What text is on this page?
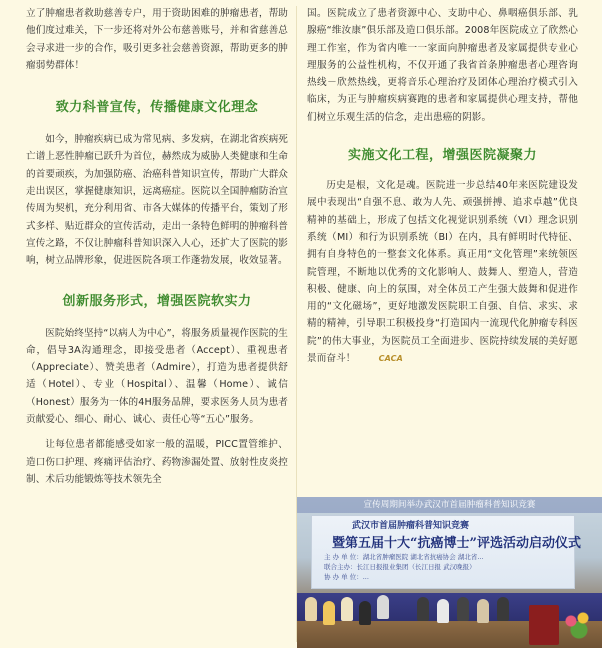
立了肿瘤患者救助慈善专户，用于资助困难的肿瘤患者，帮助他们度过难关，下一步还将对外公布慈善账号，并和省慈善总会寻求进一步的合作，吸引更多社会慈善资源，帮助更多的肿瘤弱势群体！

致力科普宣传，传播健康文化理念

如今，肿瘤疾病已成为常见病、多发病，在湖北省疾病死亡谱上恶性肿瘤已跃升为首位，赫然成为威胁人类健康和生命的首要顽疾，为加强防癌、治癌科普知识宣传，帮助广大群众走出误区，掌握健康知识，远离癌症。医院以全国肿瘤防治宣传周为契机，充分利用省、市各大媒体的传播平台，策划了形式多样、贴近群众的宣传活动，走出一条特色鲜明的肿瘤科普宣传之路，不仅让肿瘤科普知识深入人心，还扩大了医院的影响，树立品牌形象，促进医院各项工作蓬勃发展，收效显著。

创新服务形式，增强医院软实力

医院始终坚持“以病人为中心”，将服务质量视作医院的生命，倡导3A沟通理念，即接受患者（Accept）、重视患者（Appreciate）、赞美患者（Admire），打造为患者提供舒适（Hotel）、专业（Hospital）、温馨（Home）、诚信（Honest）服务为一体的4H服务品牌，要求医务人员为患者贡献爱心、细心、耐心、诚心、责任心等“五心”服务。

让每位患者都能感受如家一般的温暖，PICC置管维护、造口伤口护理、疼痛评估治疗、药物渗漏处置、放射性皮炎控制、术后功能锻炼等技术领先全

国。医院成立了患者资源中心、支助中心、鼻咽癌俱乐部、乳腺癌“维汝康”俱乐部及造口俱乐部。2008年医院成立了欣然心理工作室，作为省内唯一一家面向肿瘤患者及家属提供专业心理服务的公益性机构，不仅开通了我省首条肿瘤患者心理咨询热线－欣然热线，更将音乐心理治疗及团体心理治疗模式引入临床，为正与肿瘤疾病赛跑的患者和家属提供心理支持，帮他们树立乐观生活的信念，走出患癌的阴影。

实施文化工程，增强医院凝聚力

历史是根，文化是魂。医院进一步总结40年来医院建设发展中表现出“自强不息、敢为人先、顽强拼搏、追求卓越”优良精神的基础上，形成了包括文化视觉识别系统（VI）理念识别系统（MI）和行为识别系统（BI）在内，具有鲜明时代特征、拥有自身特色的一整套文化体系。真正用“文化管理”来统领医院管理，不断地以优秀的文化影响人、鼓舞人、塑造人，营造积极、健康、向上的氛围，对全体员工产生强大鼓舞和促进作用的“文化磁场”，更好地激发医院职工自强、自信、求实、求精的精神，引导职工积极投身“打造国内一流现代化肿瘤专科医院”的伟大事业，为医院员工全面进步、医院持续发展的美好愿景而奋斗！	CACA

武汉市首届肿瘤科普知识竞赛
暨第五届十大“抗癌博士”评选活动启动仪式
主 办 单 位：湖北省肿瘤医院 湖北省抗癌协会 湖北省...
联合主办：长江日报报业集团（长江日报 武汉晚报）
协 办 单 位：...
宣传周期间举办武汉市首届肿瘤科普知识竞赛
